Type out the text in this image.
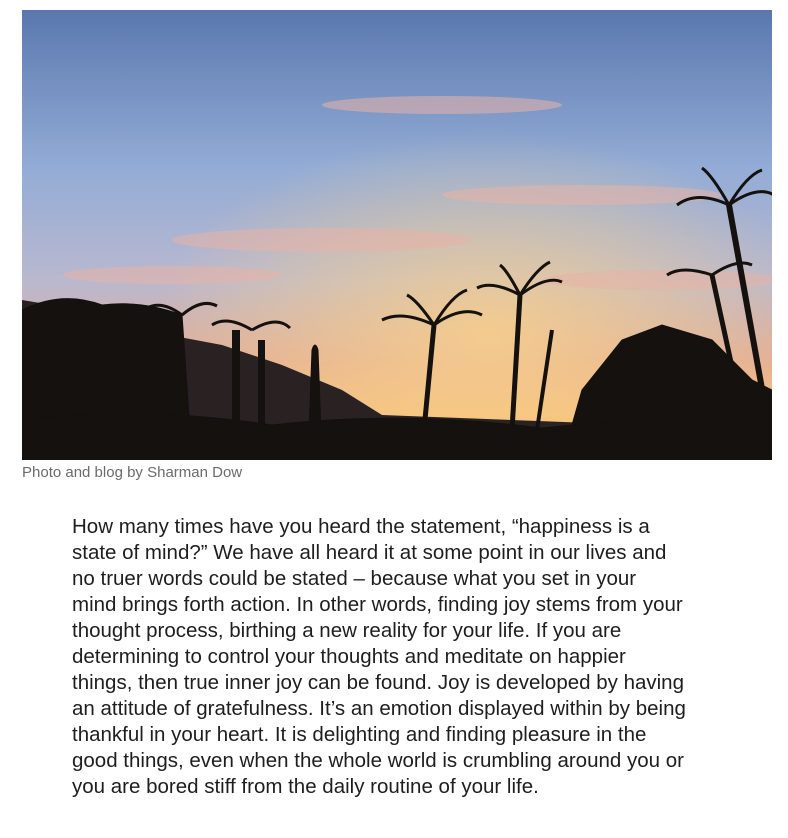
Photo and blog by Sharman Dow

How many times have you heard the statement, “happiness is a
state of mind?” We have all heard it at some point in our lives and
no truer words could be stated – because what you set in your
mind brings forth action. In other words, finding joy stems from your
thought process, birthing a new reality for your life. If you are
determining to control your thoughts and meditate on happier
things, then true inner joy can be found. Joy is developed by having
an attitude of gratefulness. It’s an emotion displayed within by being
thankful in your heart. It is delighting and finding pleasure in the
good things, even when the whole world is crumbling around you or
you are bored stiff from the daily routine of your life.
